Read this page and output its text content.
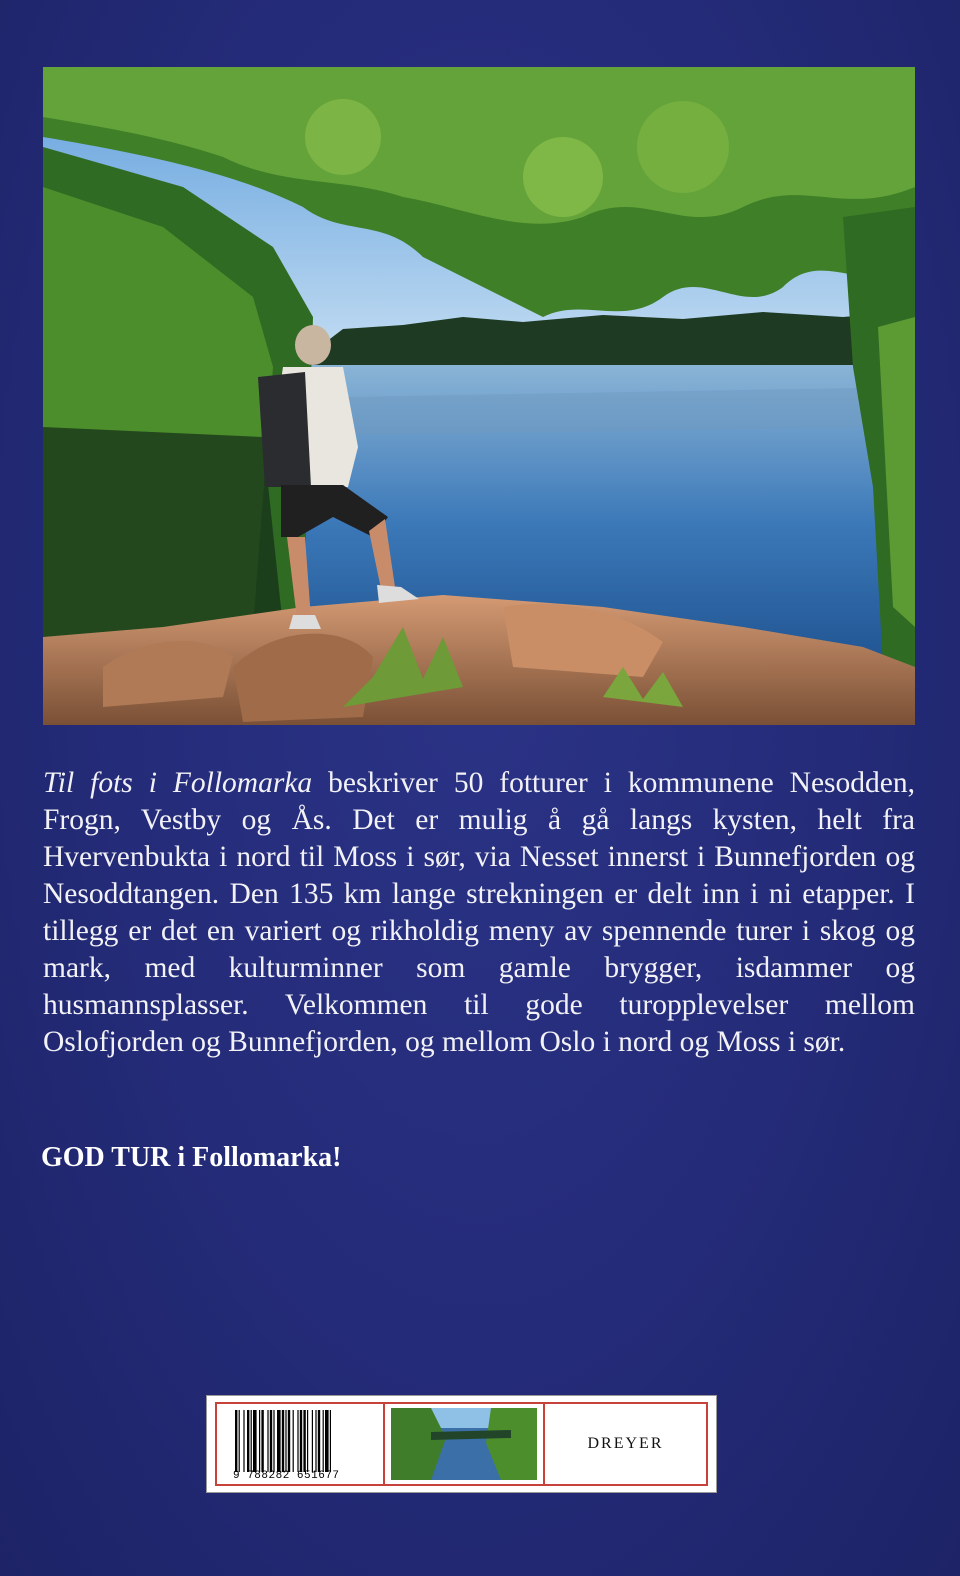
Til fots i Follomarka beskriver 50 fotturer i kommunene Nesodden, Frogn, Vestby og Ås. Det er mulig å gå langs kysten, helt fra Hvervenbukta i nord til Moss i sør, via Nesset innerst i Bunnefjorden og Nesoddtangen. Den 135 km lange strekningen er delt inn i ni etapper. I tillegg er det en variert og rikholdig meny av spennende turer i skog og mark, med kulturminner som gamle brygger, isdammer og husmannsplasser. Velkommen til gode turopplevelser mellom Oslofjorden og Bunnefjorden, og mellom Oslo i nord og Moss i sør.

GOD TUR i Follomarka!

9 788282 651677
DREYER
